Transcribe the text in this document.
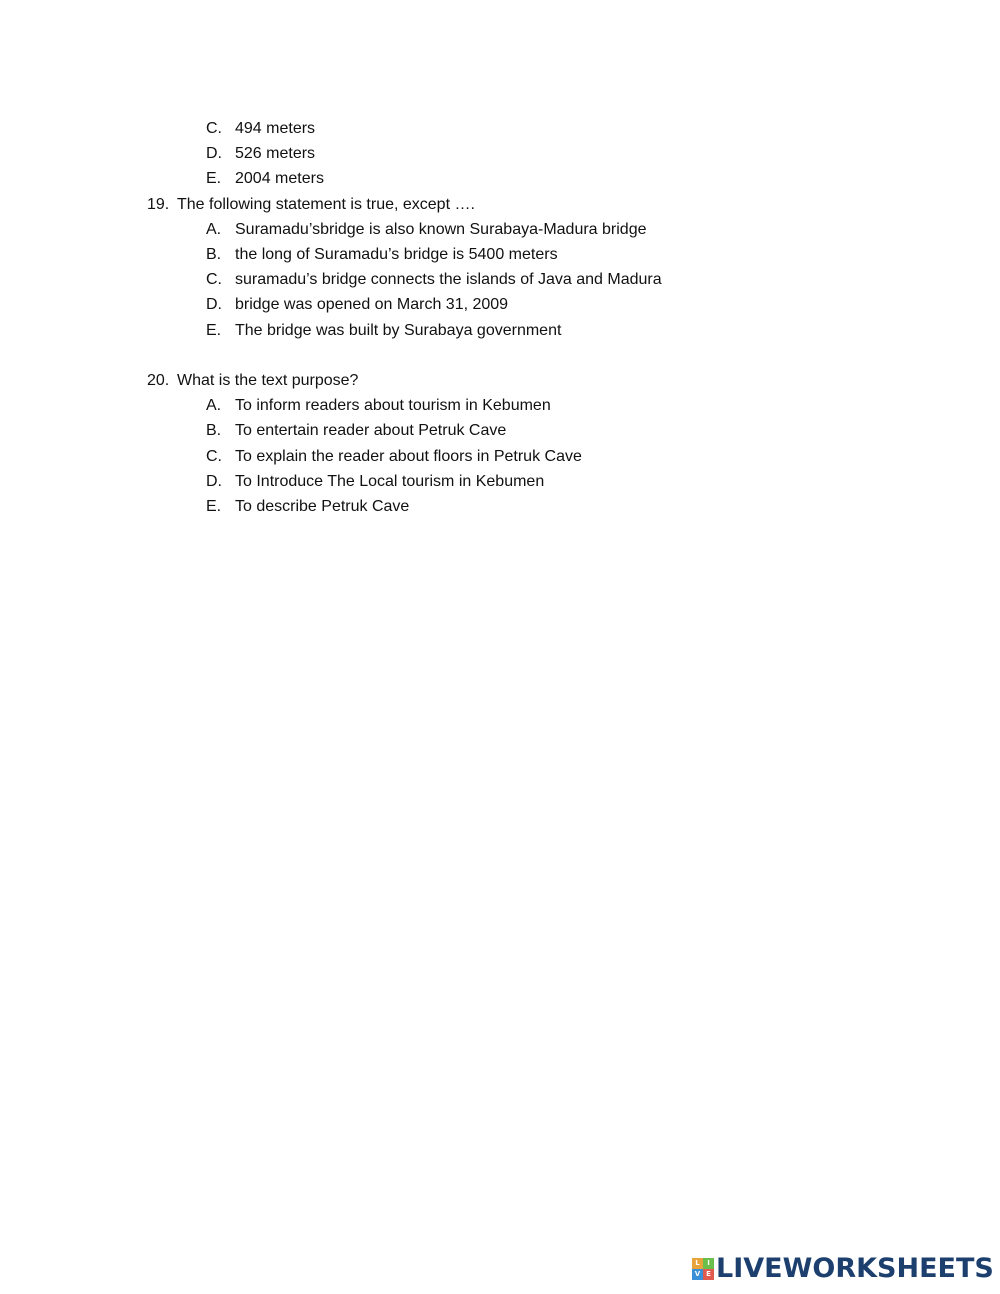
C. 494 meters
D. 526 meters
E. 2004 meters
19. The following statement is true, except ….
A. Suramadu’sbridge is also known Surabaya-Madura bridge
B. the long of Suramadu’s bridge is 5400 meters
C. suramadu’s bridge connects the islands of Java and Madura
D. bridge was opened on March 31, 2009
E. The bridge was built by Surabaya government
20. What is the text purpose?
A. To inform readers about tourism in Kebumen
B. To entertain reader about Petruk Cave
C. To explain the reader about floors in Petruk Cave
D. To Introduce The Local tourism in Kebumen
E. To describe Petruk Cave
L	I
V E LIVEWORKSHEETS
